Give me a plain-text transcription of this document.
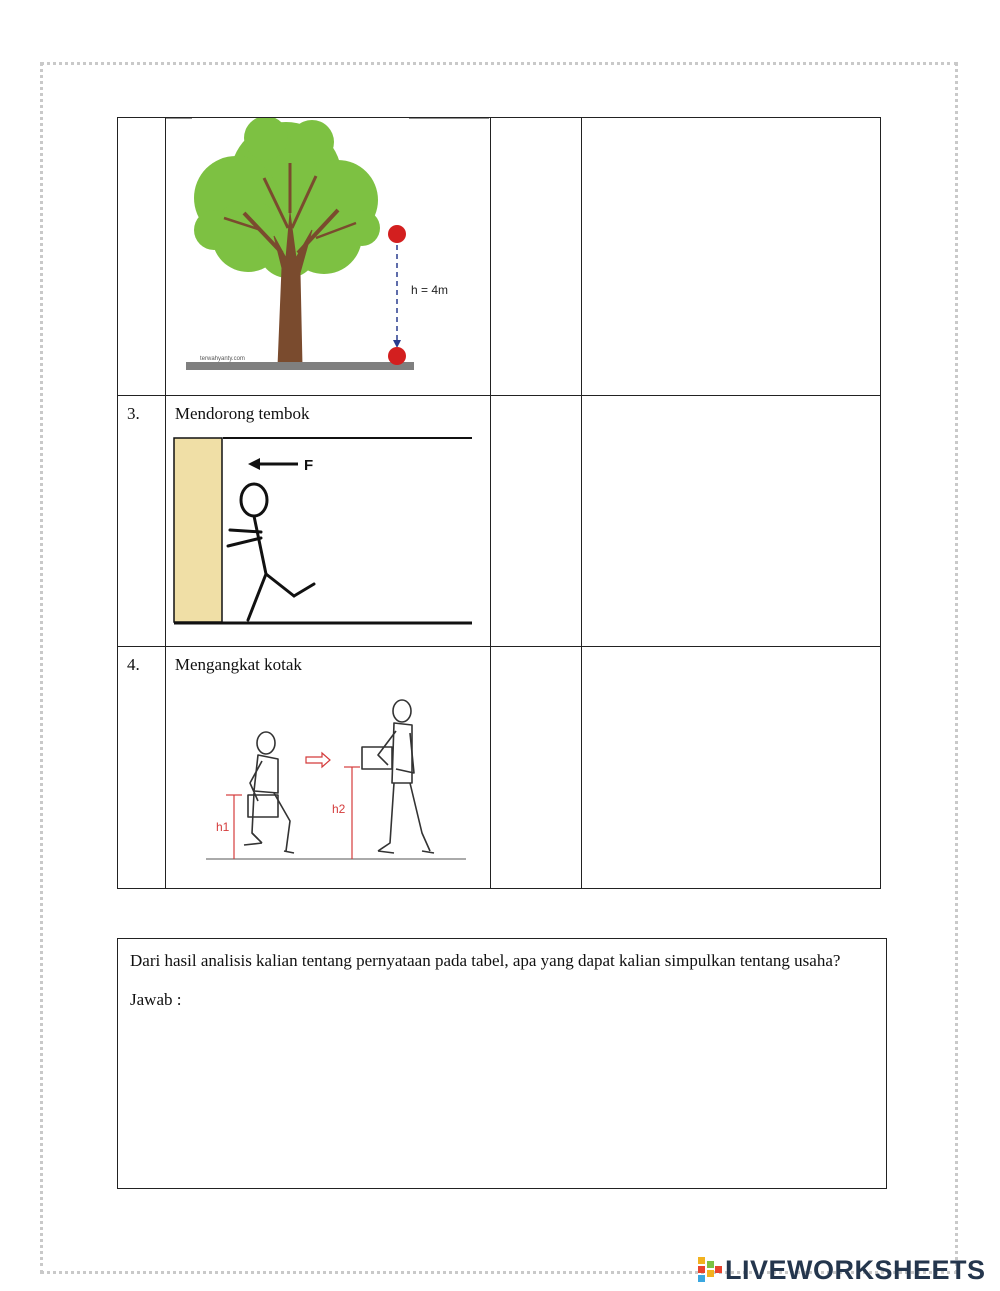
h = 4m
terwahyanty.com		

3.	Mendorong tembok
F		

4.	Mengangkat kotak
h1
h2		

Dari hasil analisis kalian tentang pernyataan pada tabel, apa yang dapat kalian simpulkan tentang usaha?

Jawab :

LIVEWORKSHEETS
